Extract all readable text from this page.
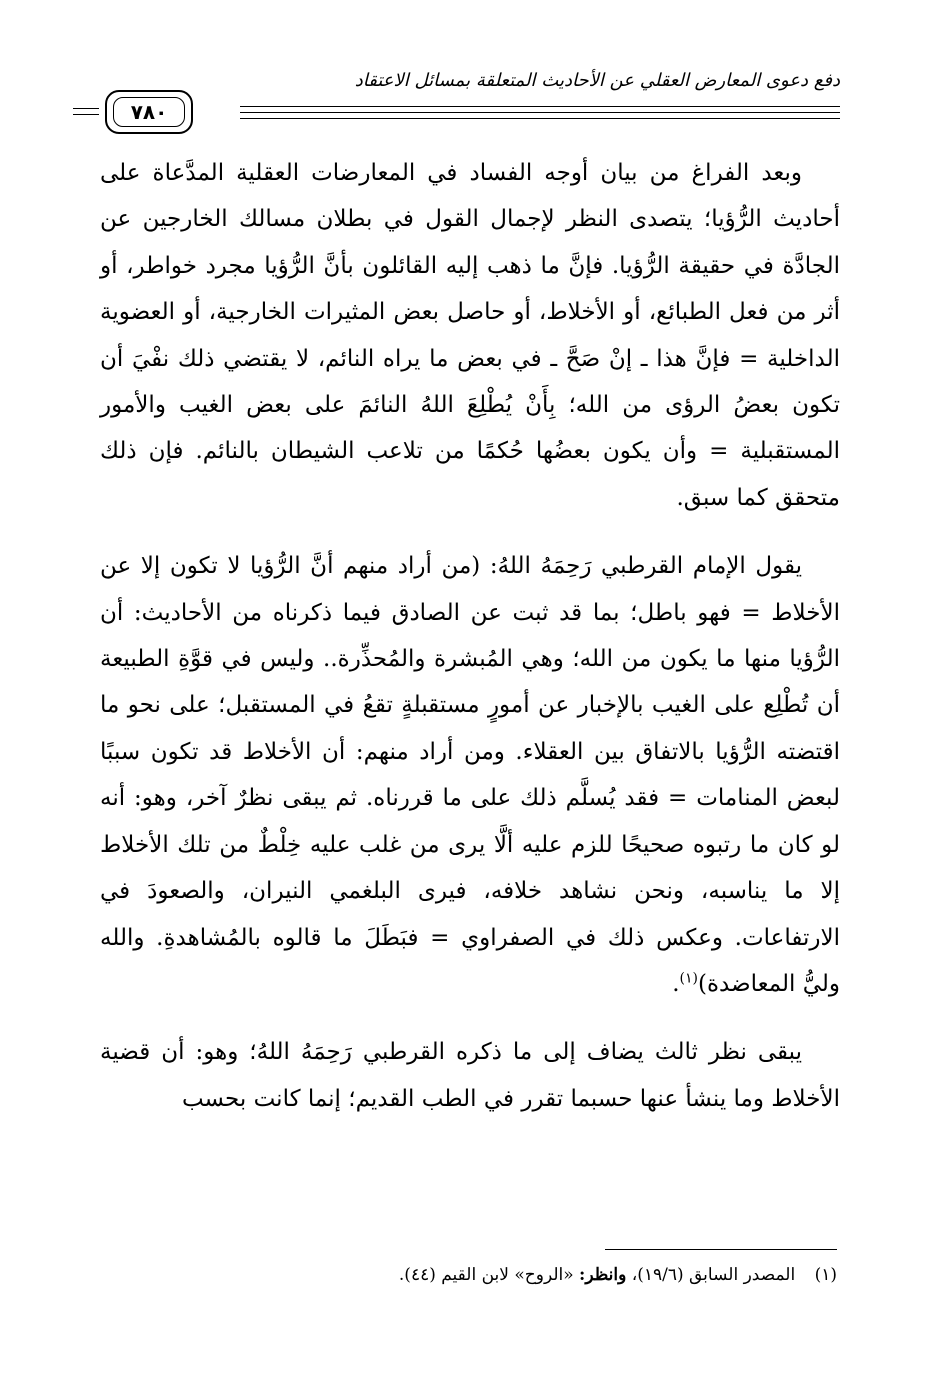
دفع دعوى المعارض العقلي عن الأحاديث المتعلقة بمسائل الاعتقاد
٧٨٠

وبعد الفراغ من بيان أوجه الفساد في المعارضات العقلية المدَّعاة على أحاديث الرُّؤيا؛ يتصدى النظر لإجمال القول في بطلان مسالك الخارجين عن الجادَّة في حقيقة الرُّؤيا. فإنَّ ما ذهب إليه القائلون بأنَّ الرُّؤيا مجرد خواطر، أو أثر من فعل الطبائع، أو الأخلاط، أو حاصل بعض المثيرات الخارجية، أو العضوية الداخلية = فإنَّ هذا ـ إنْ صَحَّ ـ في بعض ما يراه النائم، لا يقتضي ذلك نفْيَ أن تكون بعضُ الرؤى من الله؛ بِأَنْ يُطْلِعَ اللهُ النائمَ على بعض الغيب والأمور المستقبلية = وأن يكون بعضُها حُكمًا من تلاعب الشيطان بالنائم. فإن ذلك متحقق كما سبق.

يقول الإمام القرطبي رَحِمَهُ اللهُ: (من أراد منهم أنَّ الرُّؤيا لا تكون إلا عن الأخلاط = فهو باطل؛ بما قد ثبت عن الصادق فيما ذكرناه من الأحاديث: أن الرُّؤيا منها ما يكون من الله؛ وهي المُبشرة والمُحذِّرة.. وليس في قوَّةِ الطبيعة أن تُطْلِع على الغيب بالإخبار عن أمورٍ مستقبلةٍ تقعُ في المستقبل؛ على نحو ما اقتضته الرُّؤيا بالاتفاق بين العقلاء. ومن أراد منهم: أن الأخلاط قد تكون سببًا لبعض المنامات = فقد يُسلَّم ذلك على ما قررناه. ثم يبقى نظرٌ آخر، وهو: أنه لو كان ما رتبوه صحيحًا للزم عليه ألَّا يرى من غلب عليه خِلْطٌ من تلك الأخلاط إلا ما يناسبه، ونحن نشاهد خلافه، فيرى البلغمي النيران، والصعودَ في الارتفاعات. وعكس ذلك في الصفراوي = فبَطَلَ ما قالوه بالمُشاهدةِ. والله وليُّ المعاضدة)$^{(١)}$.

يبقى نظر ثالث يضاف إلى ما ذكره القرطبي رَحِمَهُ اللهُ؛ وهو: أن قضية الأخلاط وما ينشأ عنها حسبما تقرر في الطب القديم؛ إنما كانت بحسب

(١) المصدر السابق (١٩/٦)، وانظر: «الروح» لابن القيم (٤٤).
